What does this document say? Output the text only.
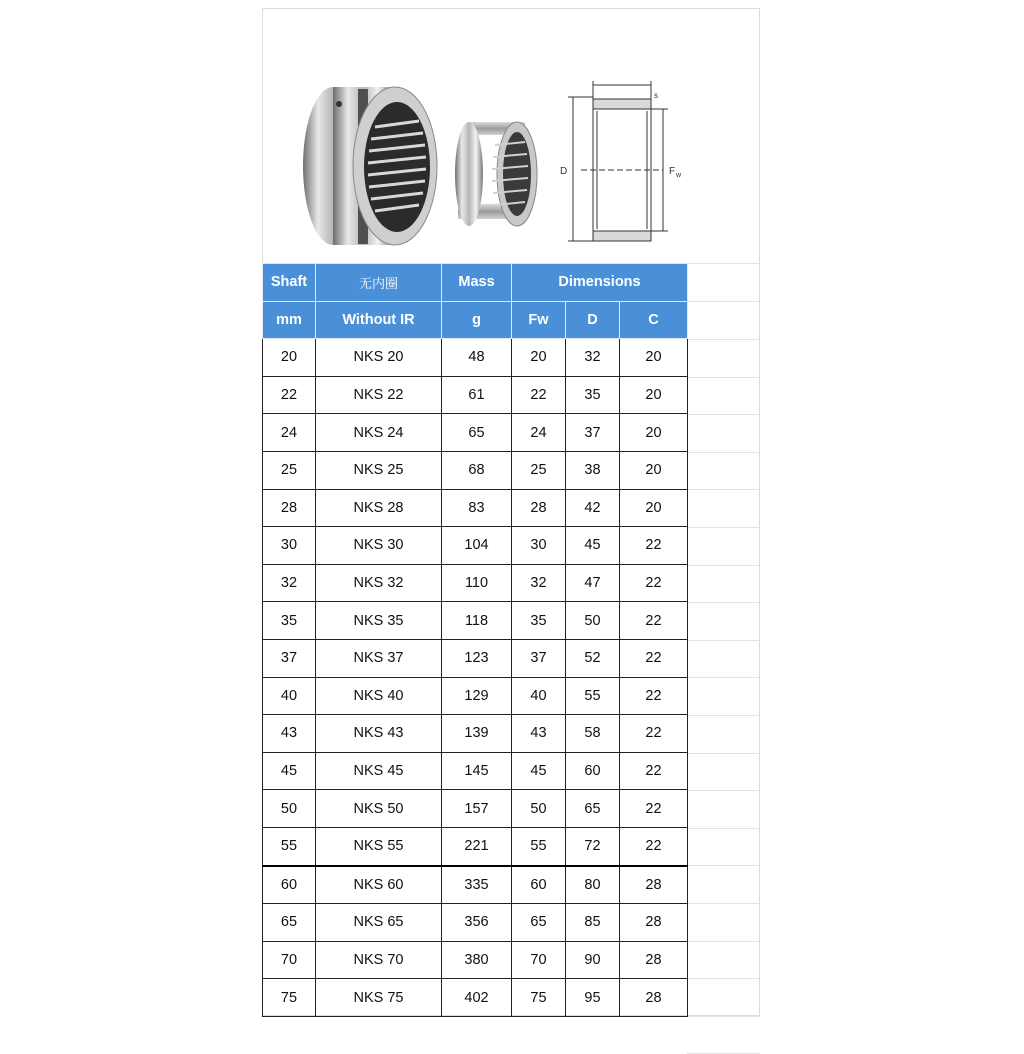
D	F w
s
Shaft	无内圈	Mass	Dimensions		
mm	Without IR	g	Fw	D	C
20	NKS 20	48	20	32	20
22	NKS 22	61	22	35	20
24	NKS 24	65	24	37	20
25	NKS 25	68	25	38	20
28	NKS 28	83	28	42	20
30	NKS 30	104	30	45	22
32	NKS 32	110	32	47	22
35	NKS 35	118	35	50	22
37	NKS 37	123	37	52	22
40	NKS 40	129	40	55	22
43	NKS 43	139	43	58	22
45	NKS 45	145	45	60	22
50	NKS 50	157	50	65	22
55	NKS 55	221	55	72	22
60	NKS 60	335	60	80	28
65	NKS 65	356	65	85	28
70	NKS 70	380	70	90	28
75	NKS 75	402	75	95	28
